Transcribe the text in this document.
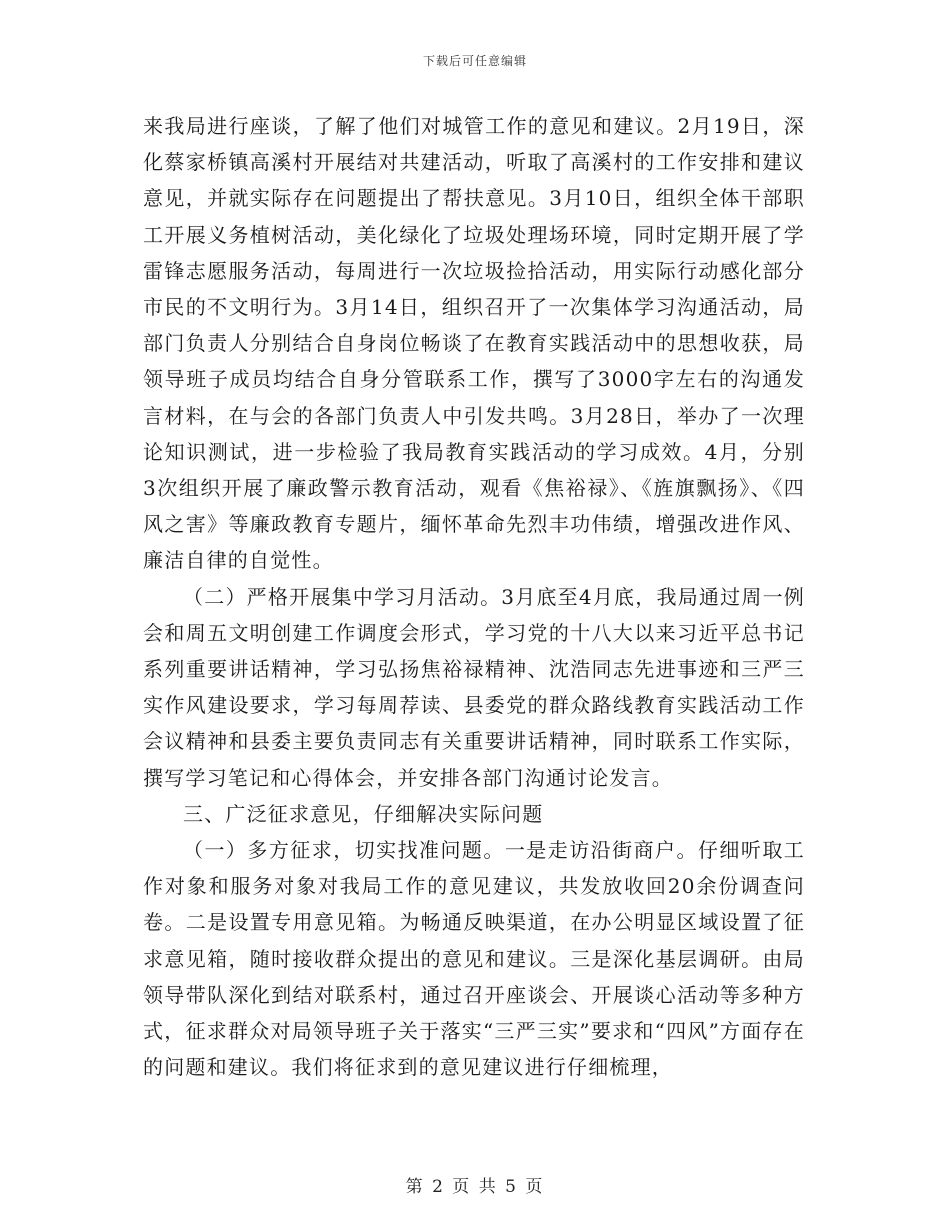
下载后可任意编辑

来我局进行座谈，了解了他们对城管工作的意见和建议。2月19日，深化蔡家桥镇高溪村开展结对共建活动，听取了高溪村的工作安排和建议意见，并就实际存在问题提出了帮扶意见。3月10日，组织全体干部职工开展义务植树活动，美化绿化了垃圾处理场环境，同时定期开展了学雷锋志愿服务活动，每周进行一次垃圾捡拾活动，用实际行动感化部分市民的不文明行为。3月14日，组织召开了一次集体学习沟通活动，局部门负责人分别结合自身岗位畅谈了在教育实践活动中的思想收获，局领导班子成员均结合自身分管联系工作，撰写了3000字左右的沟通发言材料，在与会的各部门负责人中引发共鸣。3月28日，举办了一次理论知识测试，进一步检验了我局教育实践活动的学习成效。4月，分别3次组织开展了廉政警示教育活动，观看《焦裕禄》、《旌旗飘扬》、《四风之害》等廉政教育专题片，缅怀革命先烈丰功伟绩，增强改进作风、廉洁自律的自觉性。

（二）严格开展集中学习月活动。3月底至4月底，我局通过周一例会和周五文明创建工作调度会形式，学习党的十八大以来习近平总书记系列重要讲话精神，学习弘扬焦裕禄精神、沈浩同志先进事迹和三严三实作风建设要求，学习每周荐读、县委党的群众路线教育实践活动工作会议精神和县委主要负责同志有关重要讲话精神，同时联系工作实际，撰写学习笔记和心得体会，并安排各部门沟通讨论发言。

三、广泛征求意见，仔细解决实际问题

（一）多方征求，切实找准问题。一是走访沿街商户。仔细听取工作对象和服务对象对我局工作的意见建议，共发放收回20余份调查问卷。二是设置专用意见箱。为畅通反映渠道，在办公明显区域设置了征求意见箱，随时接收群众提出的意见和建议。三是深化基层调研。由局领导带队深化到结对联系村，通过召开座谈会、开展谈心活动等多种方式，征求群众对局领导班子关于落实“三严三实”要求和“四风”方面存在的问题和建议。我们将征求到的意见建议进行仔细梳理，

第 2 页 共 5 页
